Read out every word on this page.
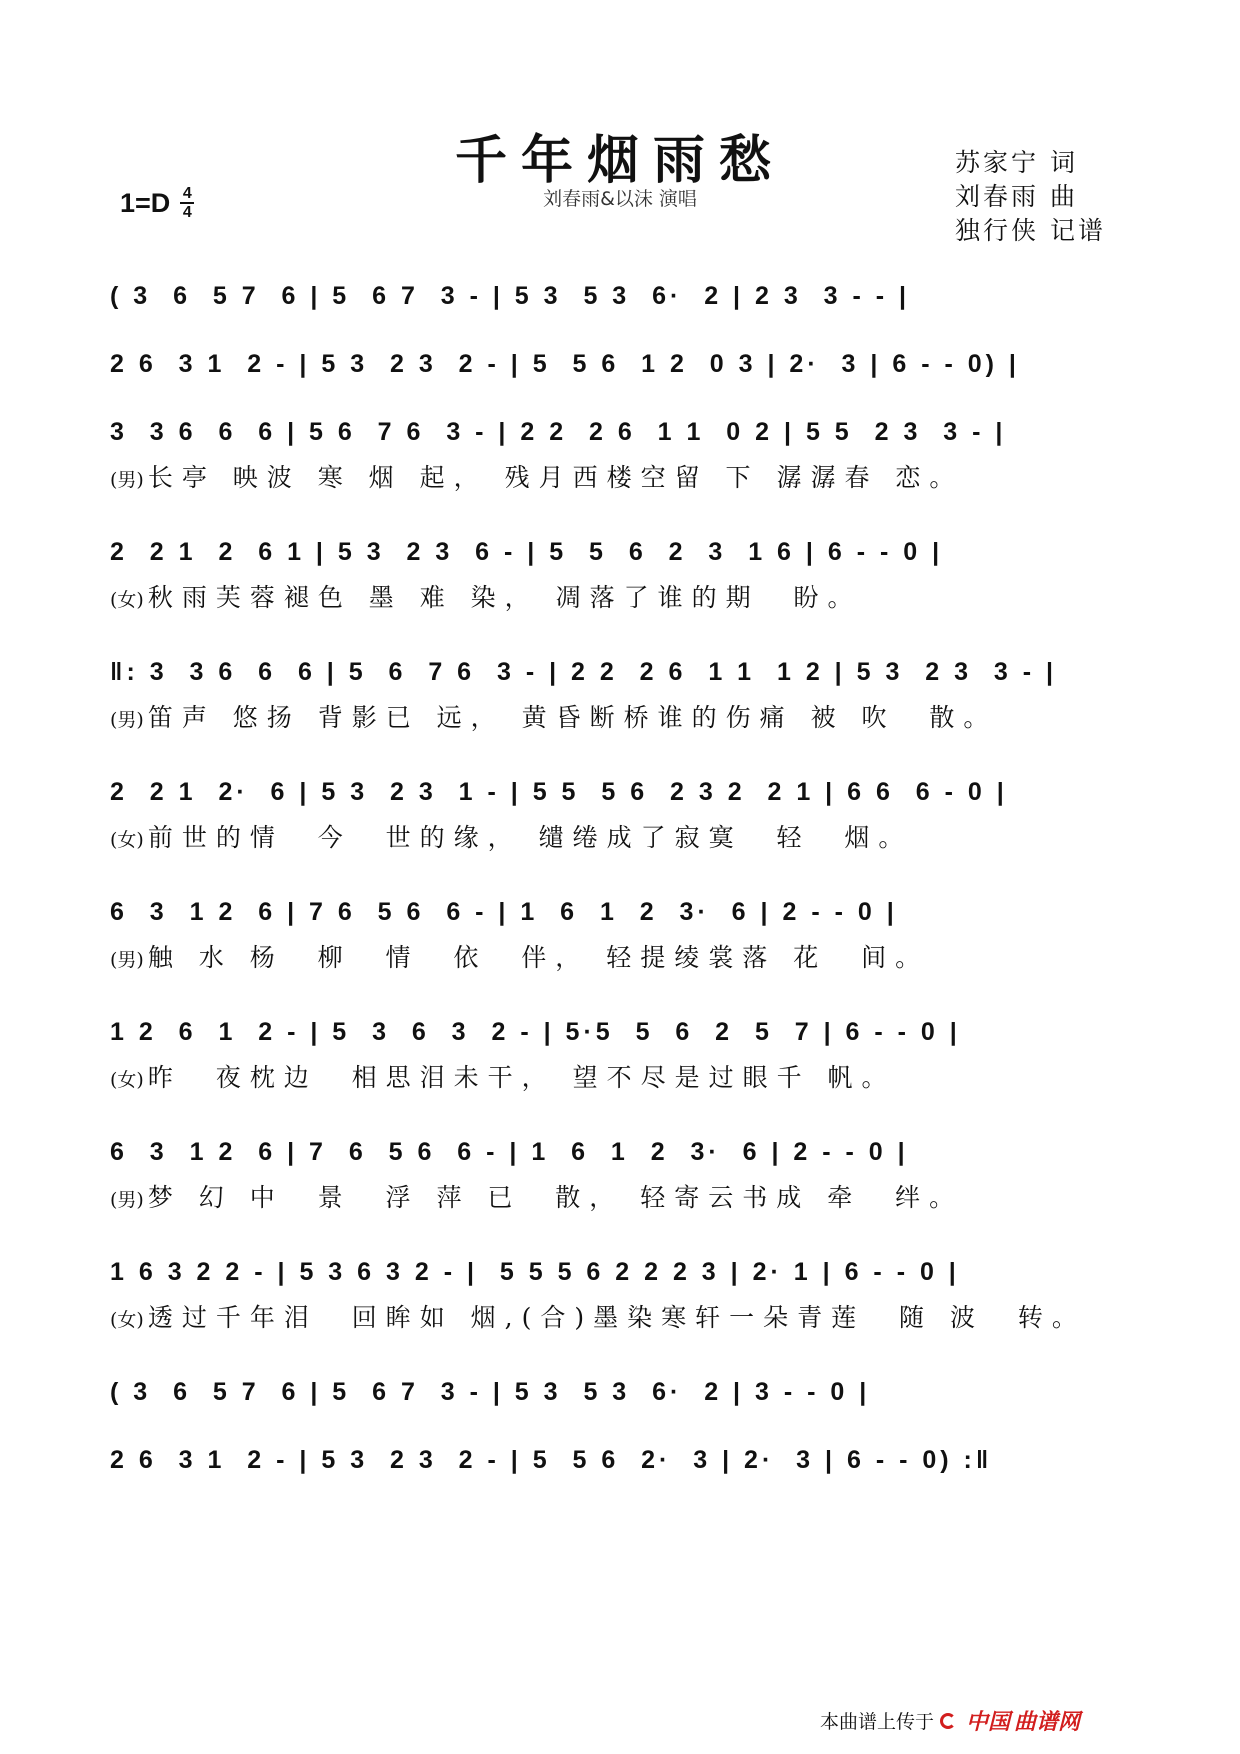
千年烟雨愁
刘春雨&以沫 演唱
苏家宁 词
刘春雨 曲
独行侠 记谱
1=D 4
4
( 3  6  5 7  6 | 5  6 7  3 - | 5 3  5 3  6·  2 | 2 3  3 - - |
2 6  3 1  2 - | 5 3  2 3  2 - | 5  5 6  1 2  0 3 | 2·  3 | 6 - - 0) |
3  3 6  6  6 | 5 6  7 6  3 - | 2 2  2 6  1 1  0 2 | 5 5  2 3  3 - |
(男) 长亭 映波 寒 烟 起， 残月西楼空留 下 潺潺春 恋。
2  2 1  2  6 1 | 5 3  2 3  6 - | 5  5  6  2  3  1 6 | 6 - - 0 |
(女) 秋雨芙蓉褪色 墨 难 染， 凋落了谁的期  盼。
‖: 3  3 6  6  6 | 5  6  7 6  3 - | 2 2  2 6  1 1  1 2 | 5 3  2 3  3 - |
(男) 笛声 悠扬 背影已 远， 黄昏断桥谁的伤痛 被 吹  散。
2  2 1  2·  6 | 5 3  2 3  1 - | 5 5  5 6  2 3 2  2 1 | 6 6  6 - 0 |
(女) 前世的情  今  世的缘， 缱绻成了寂寞  轻  烟。
6  3  1 2  6 | 7 6  5 6  6 - | 1  6  1  2  3·  6 | 2 - - 0 |
(男) 触 水 杨  柳  情  依  伴， 轻提绫裳落 花  间。
1 2  6  1  2 - | 5  3  6  3  2 - | 5·5  5  6  2  5  7 | 6 - - 0 |
(女) 昨  夜枕边  相思泪未干， 望不尽是过眼千 帆。
6  3  1 2  6 | 7  6  5 6  6 - | 1  6  1  2  3·  6 | 2 - - 0 |
(男) 梦 幻 中  景  浮 萍 已  散， 轻寄云书成 牵  绊。
1 6 3 2 2 - | 5 3 6 3 2 - |  5 5 5 6 2 2 2 3 | 2· 1 | 6 - - 0 |
(女) 透过千年泪  回眸如 烟,(合)墨染寒轩一朵青莲  随 波  转。
( 3  6  5 7  6 | 5  6 7  3 - | 5 3  5 3  6·  2 | 3 - - 0 |
2 6  3 1  2 - | 5 3  2 3  2 - | 5  5 6  2·  3 | 2·  3 | 6 - - 0) :‖
本曲谱上传于 中国 曲谱网
